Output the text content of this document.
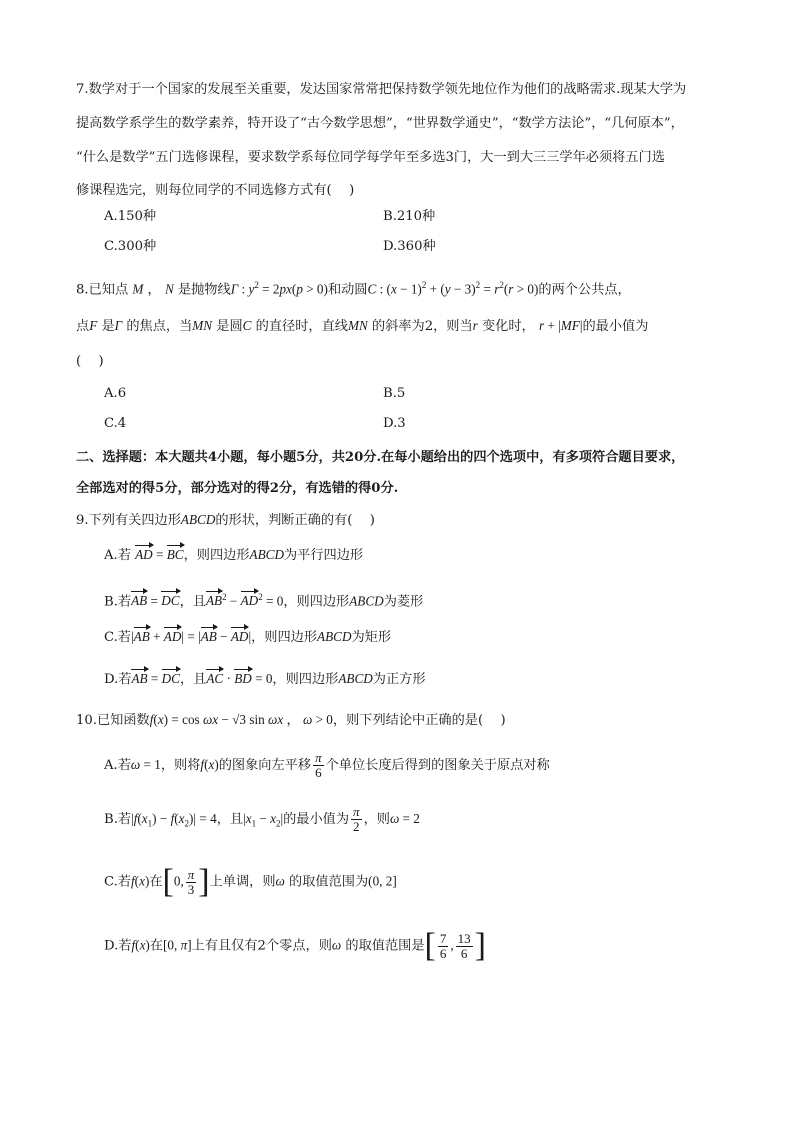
7.数学对于一个国家的发展至关重要，发达国家常常把保持数学领先地位作为他们的战略需求.现某大学为
提高数学系学生的数学素养，特开设了“古今数学思想”，“世界数学通史”，“数学方法论”，“几何原本”，
“什么是数学”五门选修课程，要求数学系每位同学每学年至多选3门，大一到大三三学年必须将五门选
修课程选完，则每位同学的不同选修方式有(　 )
A.150种	B.210种
C.300种	D.360种
8.已知点 M ， N 是抛物线Γ : $y^2 = 2px(p > 0)$和动圆C : $(x - 1)^2 + (y - 3)^2 = r^2(r > 0)$的两个公共点，
点F 是Γ 的焦点，当MN 是圆C 的直径时，直线MN 的斜率为2，则当r 变化时， r + |MF|的最小值为
(　 )
A.6	B.5
C.4	D.3
二、选择题：本大题共4小题，每小题5分，共20分.在每小题给出的四个选项中，有多项符合题目要求，
全部选对的得5分，部分选对的得2分，有选错的得0分.
9.下列有关四边形ABCD的形状，判断正确的有(　 )
A.若 AD = BC，则四边形ABCD为平行四边形
B.若AB = DC，且$AB^2 - AD^2 = 0$，则四边形ABCD为菱形
C.若|AB + AD| = |AB − AD|，则四边形ABCD为矩形
D.若AB = DC，且AC · BD = 0，则四边形ABCD为正方形
10.已知函数f(x) = cos ωx − √3 sin ωx ， ω > 0，则下列结论中正确的是(　 )
A.若ω = 1，则将f(x)的图象向左平移 $\frac{\pi}{6}$ 个单位长度后得到的图象关于原点对称
B.若$|f(x_1) - f(x_2)| = 4$，且$|x_1 - x_2|$的最小值为 $\frac{\pi}{2}$ ，则ω = 2
C.若f(x)在[0, $\frac{\pi}{3}$ ]上单调，则ω 的取值范围为(0, 2]
D.若f(x)在[0, π]上有且仅有2个零点，则ω 的取值范围是[ $\frac{7}{6}$ , $\frac{13}{6}$ ]
